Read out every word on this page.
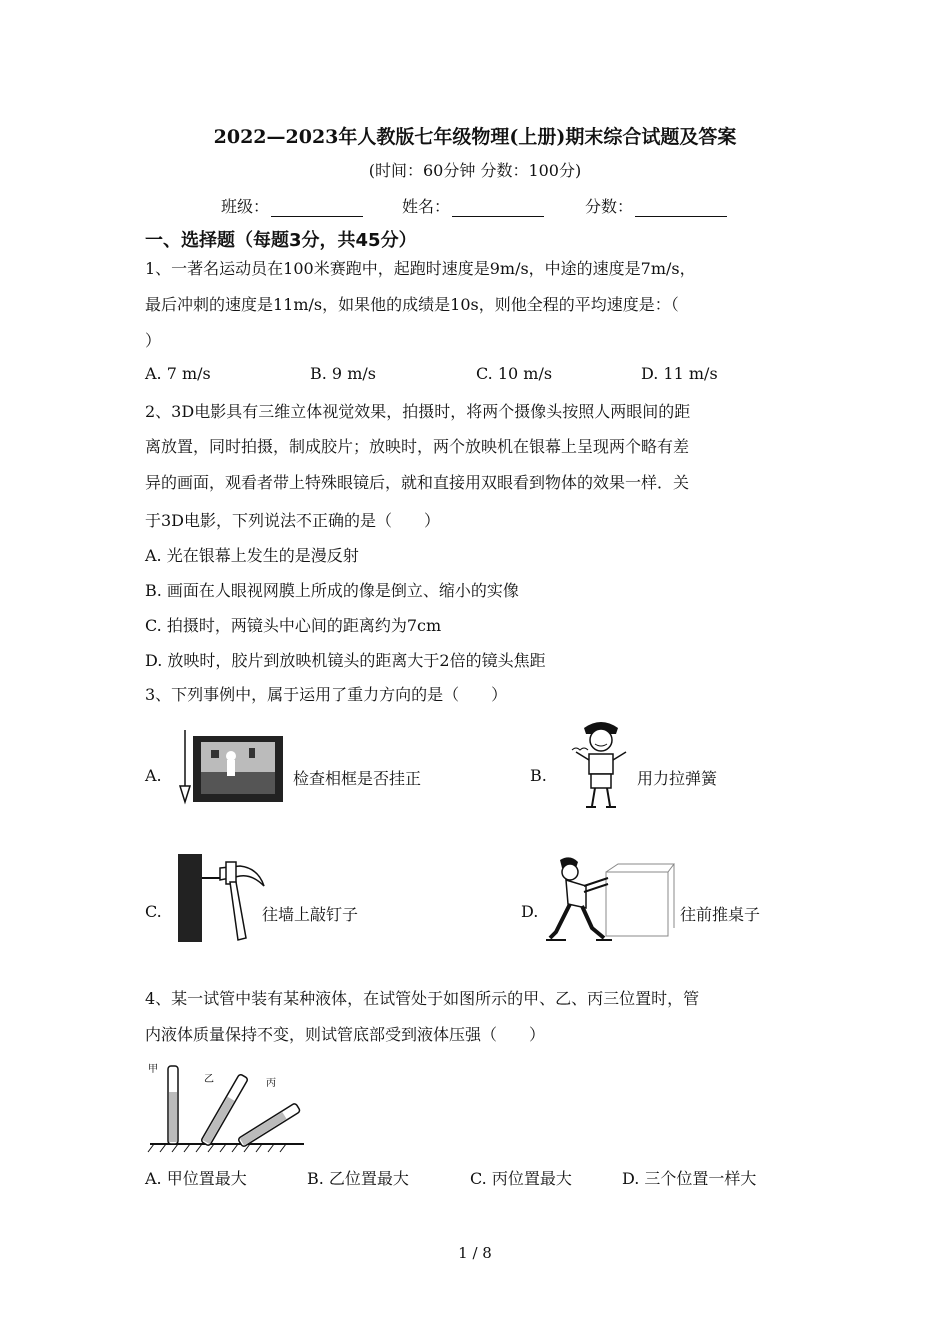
2022—2023年人教版七年级物理(上册)期末综合试题及答案
(时间：60分钟 分数：100分)
班级：	姓名：	分数：
一、选择题（每题3分，共45分）
1、一著名运动员在100米赛跑中，起跑时速度是9m/s，中途的速度是7m/s，
最后冲刺的速度是11m/s，如果他的成绩是10s，则他全程的平均速度是：（
）
A. 7 m/s	B. 9 m/s	C. 10 m/s	D. 11 m/s
2、3D电影具有三维立体视觉效果，拍摄时，将两个摄像头按照人两眼间的距
离放置，同时拍摄，制成胶片；放映时，两个放映机在银幕上呈现两个略有差
异的画面，观看者带上特殊眼镜后，就和直接用双眼看到物体的效果一样．关
于3D电影，下列说法不正确的是（　　）
A. 光在银幕上发生的是漫反射
B. 画面在人眼视网膜上所成的像是倒立、缩小的实像
C. 拍摄时，两镜头中心间的距离约为7cm
D. 放映时，胶片到放映机镜头的距离大于2倍的镜头焦距
3、下列事例中，属于运用了重力方向的是（　　）
A.	检查相框是否挂正	B.	用力拉弹簧
C.	往墙上敲钉子	D.	往前推桌子
4、某一试管中装有某种液体，在试管处于如图所示的甲、乙、丙三位置时，管
内液体质量保持不变，则试管底部受到液体压强（　　）
甲
乙	丙
A. 甲位置最大	B. 乙位置最大	C. 丙位置最大	D. 三个位置一样大
1 / 8
